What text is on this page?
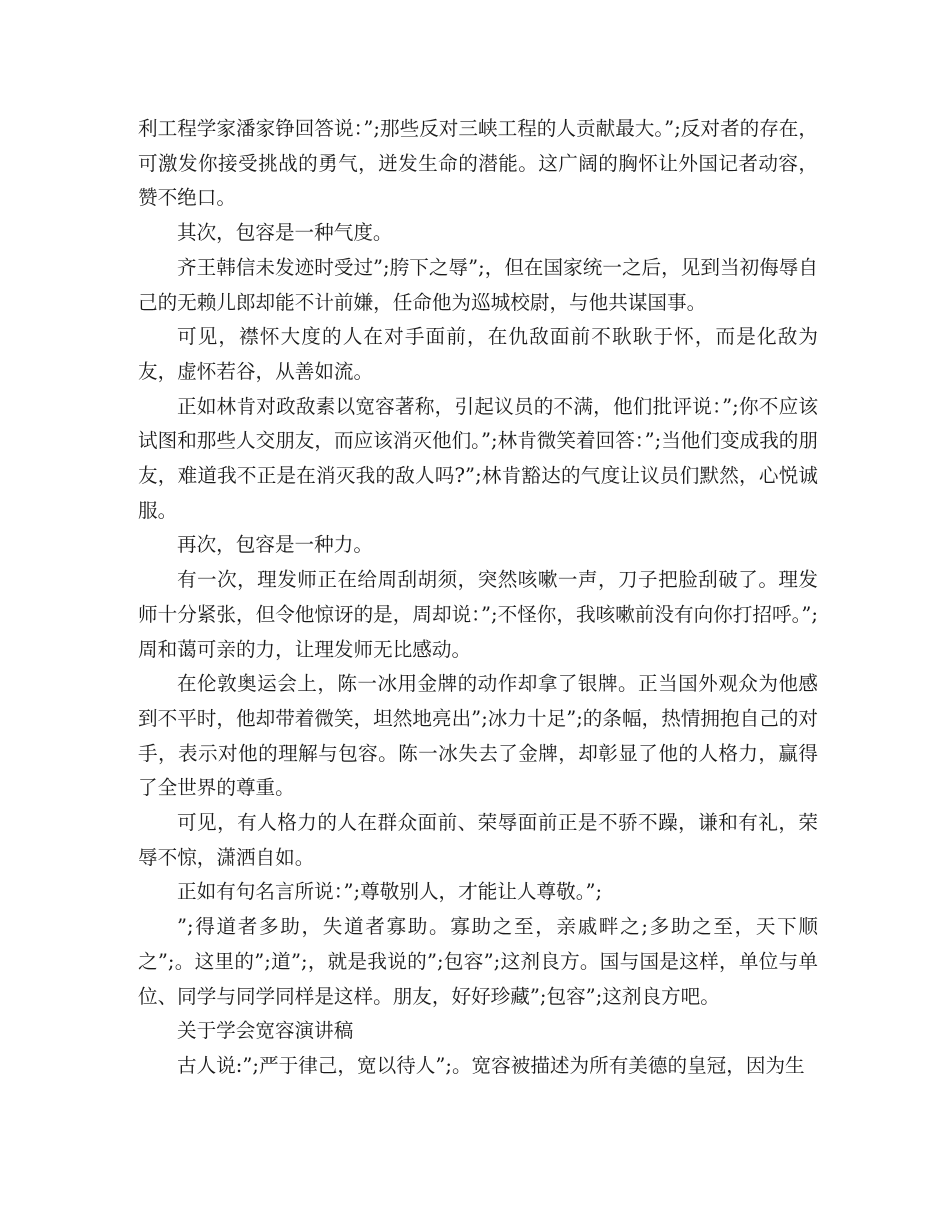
利工程学家潘家铮回答说：”;那些反对三峡工程的人贡献最大。”;反对者的存在，可激发你接受挑战的勇气，迸发生命的潜能。这广阔的胸怀让外国记者动容，赞不绝口。

其次，包容是一种气度。

齐王韩信未发迹时受过”;胯下之辱”;，但在国家统一之后，见到当初侮辱自己的无赖儿郎却能不计前嫌，任命他为巡城校尉，与他共谋国事。

可见，襟怀大度的人在对手面前，在仇敌面前不耿耿于怀，而是化敌为友，虚怀若谷，从善如流。

正如林肯对政敌素以宽容著称，引起议员的不满，他们批评说：”;你不应该试图和那些人交朋友，而应该消灭他们。”;林肯微笑着回答：”;当他们变成我的朋友，难道我不正是在消灭我的敌人吗?”;林肯豁达的气度让议员们默然，心悦诚服。

再次，包容是一种力。

有一次，理发师正在给周刮胡须，突然咳嗽一声，刀子把脸刮破了。理发师十分紧张，但令他惊讶的是，周却说：”;不怪你，我咳嗽前没有向你打招呼。”;周和蔼可亲的力，让理发师无比感动。

在伦敦奥运会上，陈一冰用金牌的动作却拿了银牌。正当国外观众为他感到不平时，他却带着微笑，坦然地亮出”;冰力十足”;的条幅，热情拥抱自己的对手，表示对他的理解与包容。陈一冰失去了金牌，却彰显了他的人格力，赢得了全世界的尊重。

可见，有人格力的人在群众面前、荣辱面前正是不骄不躁，谦和有礼，荣辱不惊，潇洒自如。

正如有句名言所说：”;尊敬别人，才能让人尊敬。”;

”;得道者多助，失道者寡助。寡助之至，亲戚畔之;多助之至，天下顺之”;。这里的”;道”;，就是我说的”;包容”;这剂良方。国与国是这样，单位与单位、同学与同学同样是这样。朋友，好好珍藏”;包容”;这剂良方吧。

关于学会宽容演讲稿

古人说:”;严于律己，宽以待人”;。宽容被描述为所有美德的皇冠，因为生
